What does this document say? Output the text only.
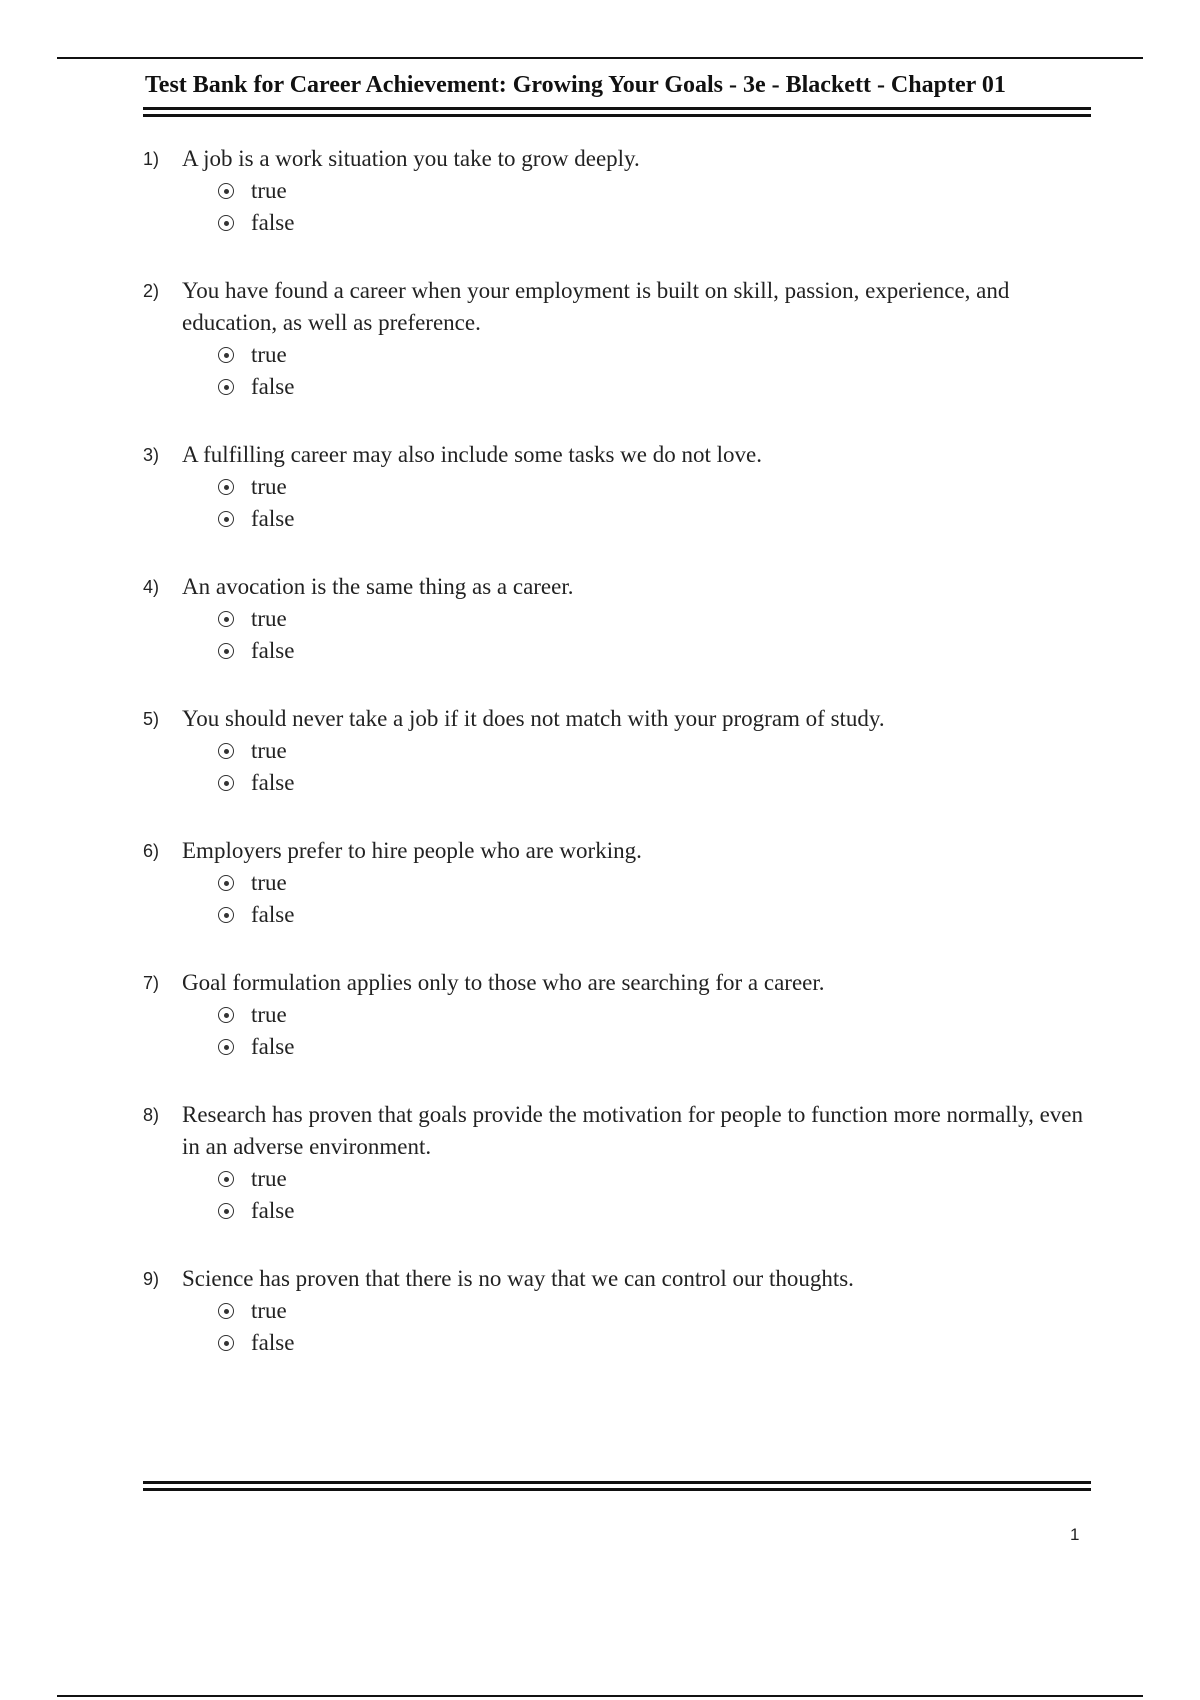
Test Bank for Career Achievement: Growing Your Goals - 3e - Blackett - Chapter 01
1) A job is a work situation you take to grow deeply.
true
false
2) You have found a career when your employment is built on skill, passion, experience, and education, as well as preference.
true
false
3) A fulfilling career may also include some tasks we do not love.
true
false
4) An avocation is the same thing as a career.
true
false
5) You should never take a job if it does not match with your program of study.
true
false
6) Employers prefer to hire people who are working.
true
false
7) Goal formulation applies only to those who are searching for a career.
true
false
8) Research has proven that goals provide the motivation for people to function more normally, even in an adverse environment.
true
false
9) Science has proven that there is no way that we can control our thoughts.
true
false
1
